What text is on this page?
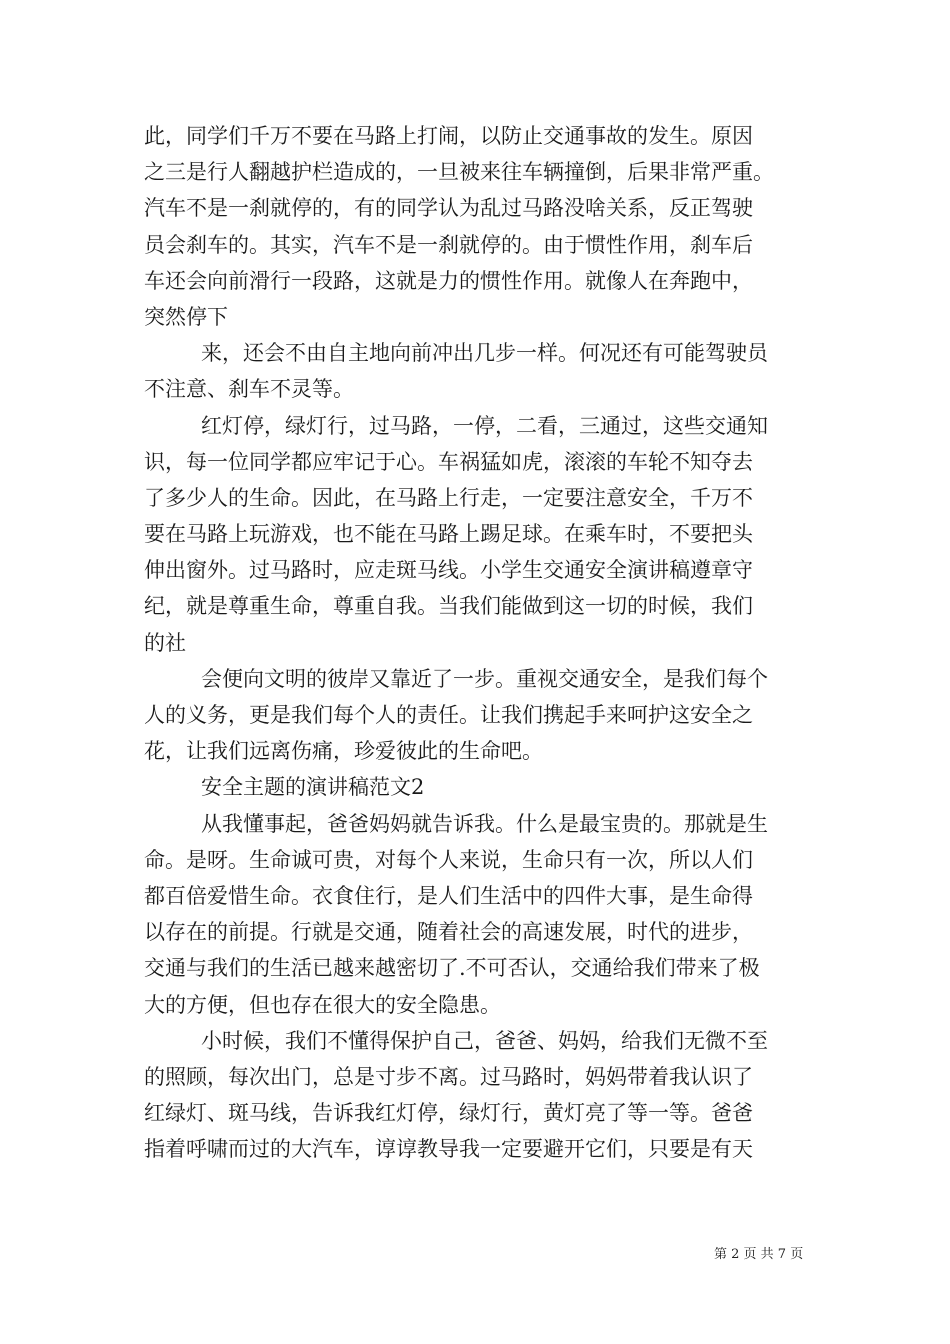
此，同学们千万不要在马路上打闹，以防止交通事故的发生。原因
之三是行人翻越护栏造成的，一旦被来往车辆撞倒，后果非常严重。
汽车不是一刹就停的，有的同学认为乱过马路没啥关系，反正驾驶
员会刹车的。其实，汽车不是一刹就停的。由于惯性作用，刹车后
车还会向前滑行一段路，这就是力的惯性作用。就像人在奔跑中，
突然停下
来，还会不由自主地向前冲出几步一样。何况还有可能驾驶员
不注意、刹车不灵等。
红灯停，绿灯行，过马路，一停，二看，三通过，这些交通知
识，每一位同学都应牢记于心。车祸猛如虎，滚滚的车轮不知夺去
了多少人的生命。因此，在马路上行走，一定要注意安全，千万不
要在马路上玩游戏，也不能在马路上踢足球。在乘车时，不要把头
伸出窗外。过马路时，应走斑马线。小学生交通安全演讲稿遵章守
纪，就是尊重生命，尊重自我。当我们能做到这一切的时候，我们
的社
会便向文明的彼岸又靠近了一步。重视交通安全，是我们每个
人的义务，更是我们每个人的责任。让我们携起手来呵护这安全之
花，让我们远离伤痛，珍爱彼此的生命吧。
安全主题的演讲稿范文2
从我懂事起，爸爸妈妈就告诉我。什么是最宝贵的。那就是生
命。是呀。生命诚可贵，对每个人来说，生命只有一次，所以人们
都百倍爱惜生命。衣食住行，是人们生活中的四件大事，是生命得
以存在的前提。行就是交通，随着社会的高速发展，时代的进步，
交通与我们的生活已越来越密切了.不可否认，交通给我们带来了极
大的方便，但也存在很大的安全隐患。
小时候，我们不懂得保护自己，爸爸、妈妈，给我们无微不至
的照顾，每次出门，总是寸步不离。过马路时，妈妈带着我认识了
红绿灯、斑马线，告诉我红灯停，绿灯行，黄灯亮了等一等。爸爸
指着呼啸而过的大汽车，谆谆教导我一定要避开它们，只要是有天
第 2 页 共 7 页
